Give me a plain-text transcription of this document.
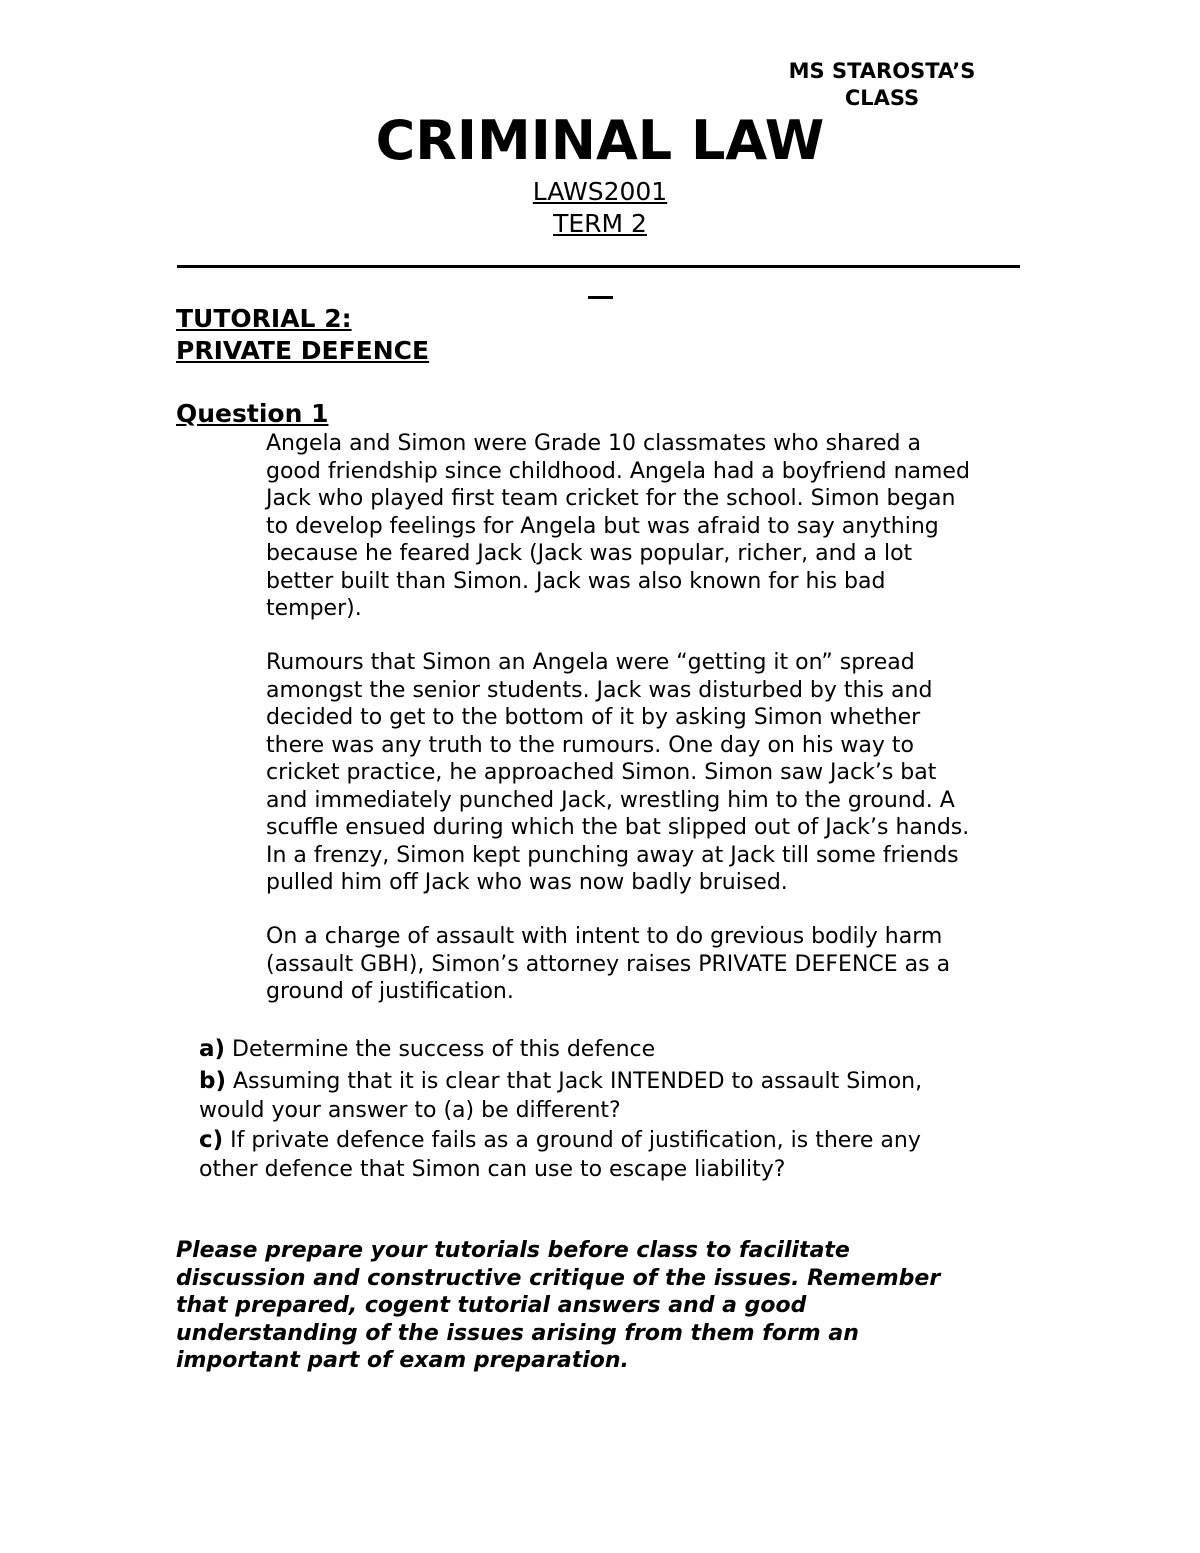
MS STAROSTA’S
CLASS
CRIMINAL LAW
LAWS2001
TERM 2
TUTORIAL 2:
PRIVATE DEFENCE
Question 1

Angela and Simon were Grade 10 classmates who shared a

good friendship since childhood. Angela had a boyfriend named

Jack who played first team cricket for the school. Simon began

to develop feelings for Angela but was afraid to say anything

because he feared Jack (Jack was popular, richer, and a lot

better built than Simon. Jack was also known for his bad

temper).

Rumours that Simon an Angela were “getting it on” spread

amongst the senior students. Jack was disturbed by this and

decided to get to the bottom of it by asking Simon whether

there was any truth to the rumours. One day on his way to

cricket practice, he approached Simon. Simon saw Jack’s bat

and immediately punched Jack, wrestling him to the ground. A

scuffle ensued during which the bat slipped out of Jack’s hands.

In a frenzy, Simon kept punching away at Jack till some friends

pulled him off Jack who was now badly bruised.

On a charge of assault with intent to do grevious bodily harm

(assault GBH), Simon’s attorney raises PRIVATE DEFENCE as a

ground of justification.

a) Determine the success of this defence
b) Assuming that it is clear that Jack INTENDED to assault Simon,
would your answer to (a) be different?
c) If private defence fails as a ground of justification, is there any
other defence that Simon can use to escape liability?
Please prepare your tutorials before class to facilitate
discussion and constructive critique of the issues. Remember
that prepared, cogent tutorial answers and a good
understanding of the issues arising from them form an
important part of exam preparation.
